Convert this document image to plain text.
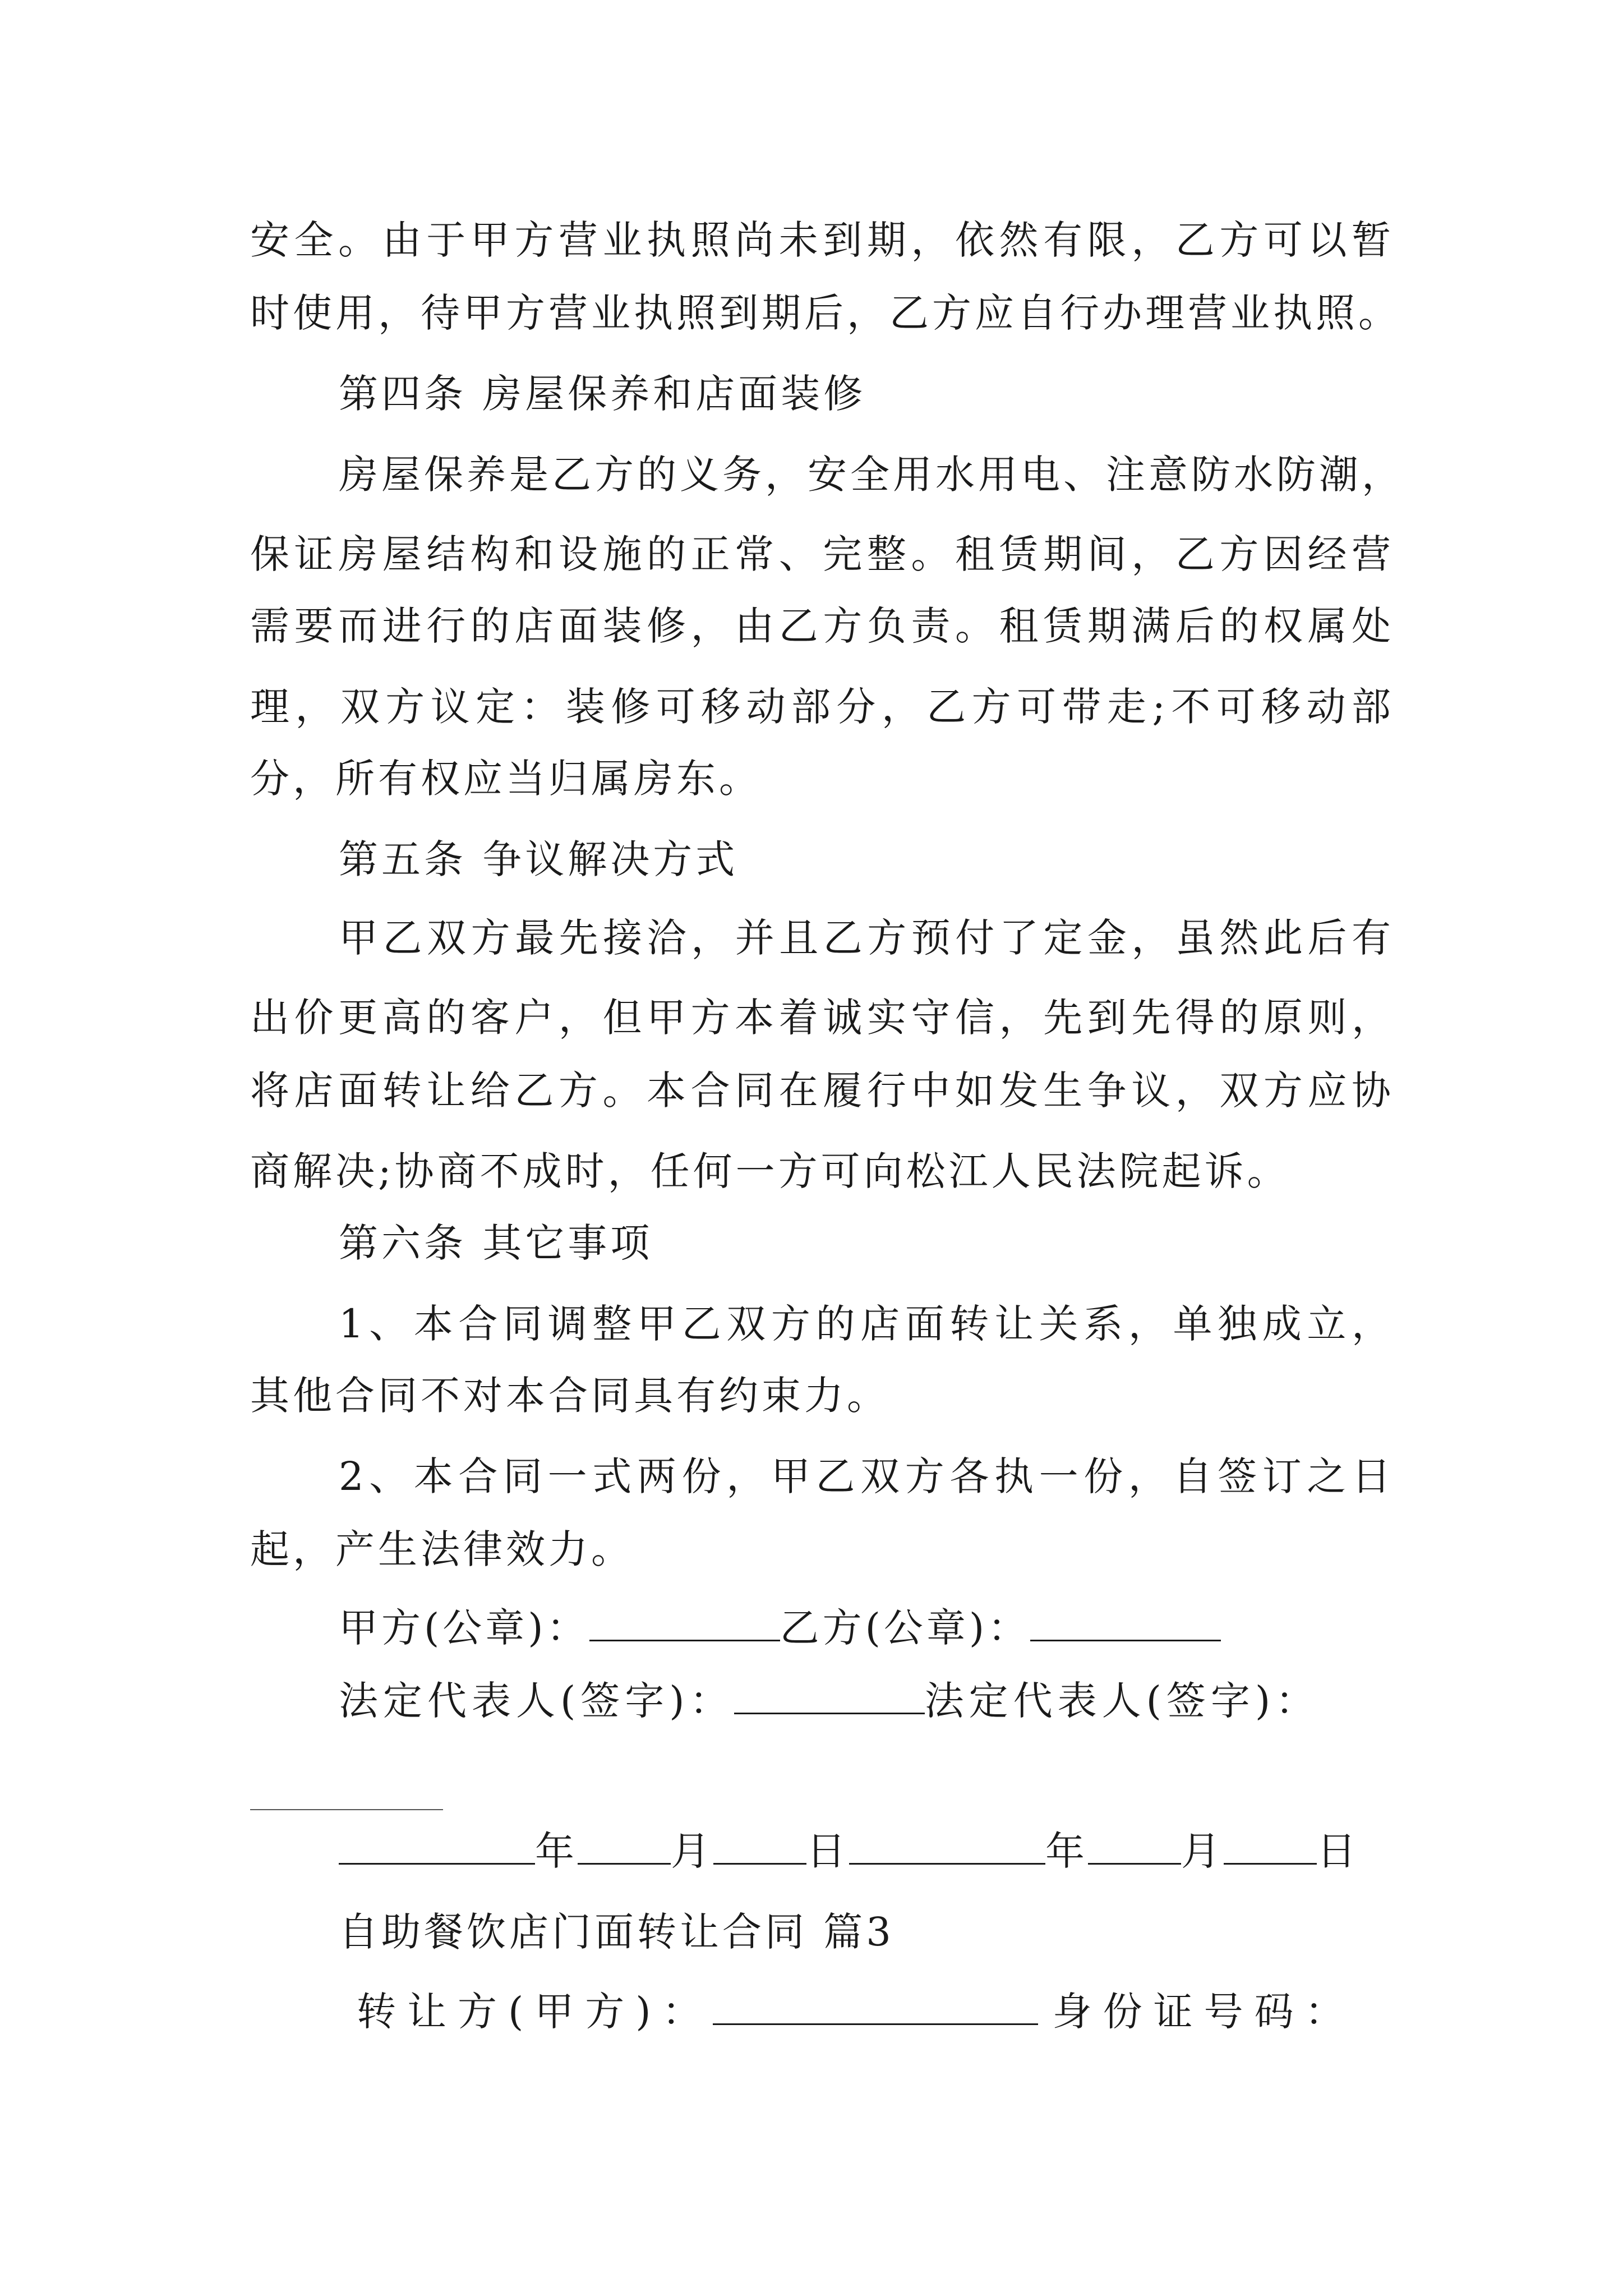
安全。由于甲方营业执照尚未到期，依然有限，乙方可以暂
时使用，待甲方营业执照到期后，乙方应自行办理营业执照。
第四条 房屋保养和店面装修
房屋保养是乙方的义务，安全用水用电、注意防水防潮，
保证房屋结构和设施的正常、完整。租赁期间，乙方因经营
需要而进行的店面装修，由乙方负责。租赁期满后的权属处
理，双方议定：装修可移动部分，乙方可带走;不可移动部
分，所有权应当归属房东。
第五条 争议解决方式
甲乙双方最先接洽，并且乙方预付了定金，虽然此后有
出价更高的客户，但甲方本着诚实守信，先到先得的原则，
将店面转让给乙方。本合同在履行中如发生争议，双方应协
商解决;协商不成时，任何一方可向松江人民法院起诉。
第六条 其它事项
1、本合同调整甲乙双方的店面转让关系，单独成立，
其他合同不对本合同具有约束力。
2、本合同一式两份，甲乙双方各执一份，自签订之日
起，产生法律效力。
甲方(公章)：	乙方(公章)：
法定代表人(签字)：	法定代表人(签字)：
年 月 日	年 月 日
自助餐饮店门面转让合同 篇3
转让方(甲方)：	身份证号码：
